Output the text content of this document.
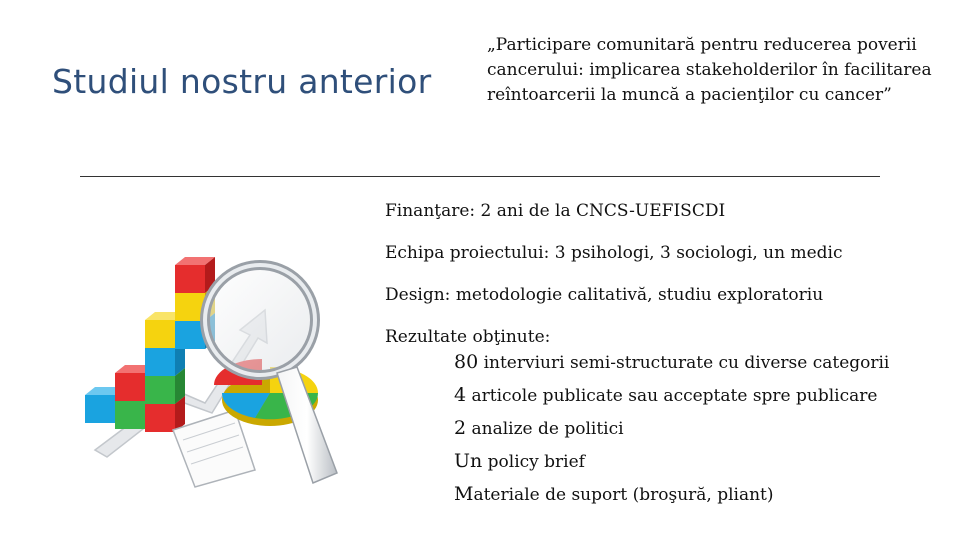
Studiul nostru anterior
„Participare comunitară pentru reducerea poverii cancerului: implicarea stakeholderilor în facilitarea reîntoarcerii la muncă a pacienţilor cu cancer”
Finanţare: 2 ani de la CNCS-UEFISCDI
Echipa proiectului: 3 psihologi, 3 sociologi, un medic
Design: metodologie calitativă, studiu exploratoriu
Rezultate obţinute:
80 interviuri semi-structurate cu diverse categorii
4 articole publicate sau acceptate spre publicare
2 analize de politici
Un policy brief
Materiale de suport (broşură, pliant)
